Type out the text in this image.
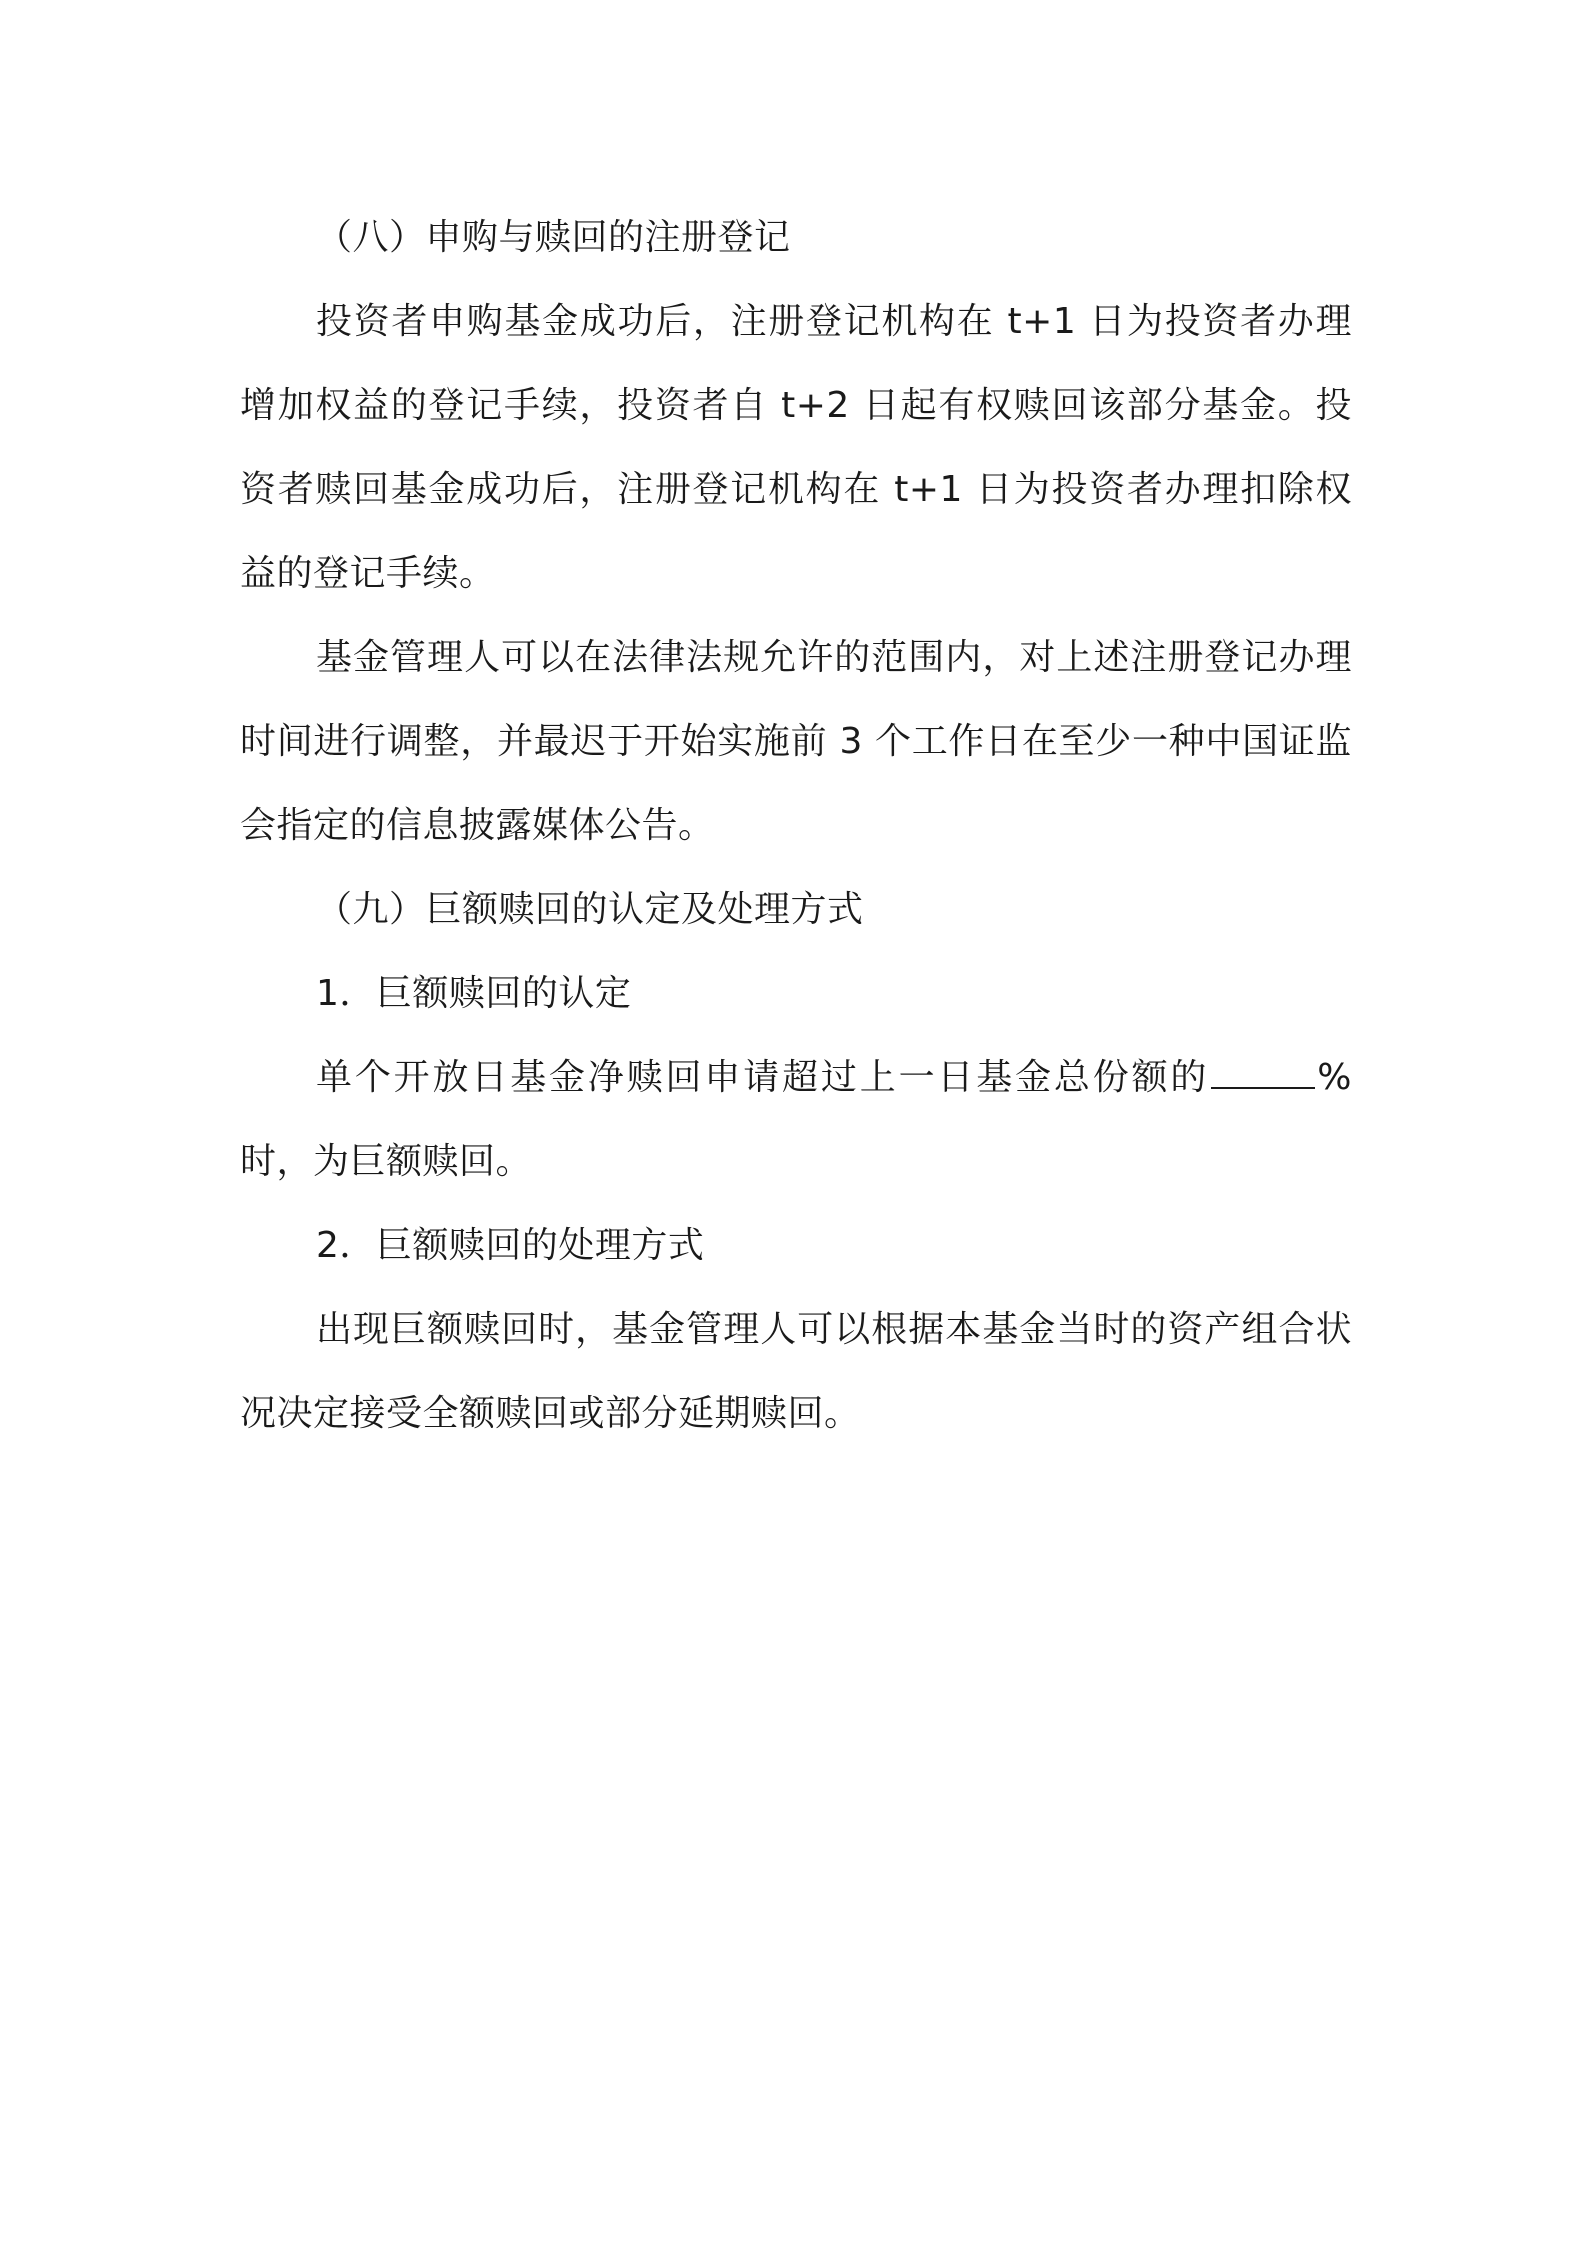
（八）申购与赎回的注册登记

投资者申购基金成功后，注册登记机构在 t+1 日为投资者办理增加权益的登记手续，投资者自 t+2 日起有权赎回该部分基金。投资者赎回基金成功后，注册登记机构在 t+1 日为投资者办理扣除权益的登记手续。

基金管理人可以在法律法规允许的范围内，对上述注册登记办理时间进行调整，并最迟于开始实施前 3 个工作日在至少一种中国证监会指定的信息披露媒体公告。

（九）巨额赎回的认定及处理方式

1．巨额赎回的认定

单个开放日基金净赎回申请超过上一日基金总份额的	%时，为巨额赎回。

2．巨额赎回的处理方式

出现巨额赎回时，基金管理人可以根据本基金当时的资产组合状况决定接受全额赎回或部分延期赎回。
